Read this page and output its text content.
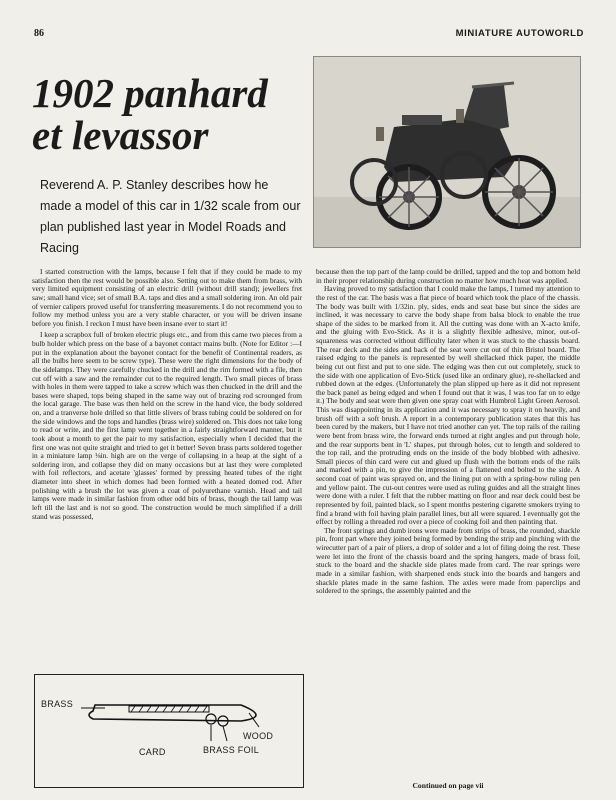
86	MINIATURE AUTOWORLD
1902 panhard et levassor

Reverend A. P. Stanley describes how he made a model of this car in 1/32 scale from our plan published last year in Model Roads and Racing

I started construction with the lamps, because I felt that if they could be made to my satisfaction then the rest would be possible also. Setting out to make them from brass, with very limited equipment consisting of an electric drill (without drill stand); jewellers fret saw; small hand vice; set of small B.A. taps and dies and a small soldering iron. An old pair of vernier calipers proved useful for transferring measurements. I do not recommend you to follow my method unless you are a very stable character, or you will be driven insane before you finish. I reckon I must have been insane ever to start it!

I keep a scrapbox full of broken electric plugs etc., and from this came two pieces from a bulb holder which press on the base of a bayonet contact mains bulb. (Note for Editor :—I put in the explanation about the bayonet contact for the benefit of Continental readers, as all the bulbs here seem to be screw type). These were the right dimensions for the body of the sidelamps. They were carefully chucked in the drill and the rim formed with a file, then cut off with a saw and the remainder cut to the required length. Two small pieces of brass with holes in them were tapped to take a screw which was then chucked in the drill and the bases were shaped, tops being shaped in the same way out of brazing rod scrounged from the local garage. The base was then held on the screw in the hand vice, the body soldered on, and a tranverse hole drilled so that little slivers of brass tubing could be soldered on for the side windows and the tops and handles (brass wire) soldered on. This does not take long to read or write, and the first lamp went together in a fairly straightforward manner, but it took about a month to get the pair to my satisfaction, especially when I decided that the first one was not quite straight and tried to get it better! Seven brass parts soldered together in a miniature lamp ⅛in. high are on the verge of collapsing in a heap at the sight of a soldering iron, and collapse they did on many occasions but at last they were completed with foil reflectors, and acetate 'glasses' formed by pressing heated tubes of the right diameter into sheet in which domes had been formed with a heated domed rod. After polishing with a brush the lot was given a coat of polyurethane varnish. Head and tail lamps were made in similar fashion from other odd bits of brass, though the tail lamp was left till the last and is not so good. The construction would be much simplified if a drill stand was possessed,

because then the top part of the lamp could be drilled, tapped and the top and bottom held in their proper relationship during construction no matter how much heat was applied.

Having proved to my satisfaction that I could make the lamps, I turned my attention to the rest of the car. The basis was a flat piece of board which took the place of the chassis. The body was built with 1/32in. ply, sides, ends and seat base but since the sides are inclined, it was necessary to carve the body shape from balsa block to enable the true shape of the sides to be marked from it. All the cutting was done with an X-acto knife, and the gluing with Evo-Stick. As it is a slightly flexible adhesive, minor, out-of-squareness was corrected without difficulty later when it was stuck to the chassis board. The rear deck and the sides and back of the seat were cut out of thin Bristol board. The raised edging to the panels is represented by well shellacked thick paper, the middle being cut out first and put to one side. The edging was then cut out completely, stuck to the side with one application of Evo-Stick (used like an ordinary glue), re-shellacked and rubbed down at the edges. (Unfortunately the plan slipped up here as it did not represent the back panel as being edged and when I found out that it was, I was too far on to edge it.) The body and seat were then given one spray coat with Humbrol Light Green Aerosol. This was disappointing in its application and it was necessary to spray it on heavily, and brush off with a soft brush. A report in a contemporary publication states that this has been cured by the makers, but I have not tried another can yet. The top rails of the railing were bent from brass wire, the forward ends turned at right angles and put through hole, and the rear supports bent in 'L' shapes, put through holes, cut to length and soldered to the top rail, and the protruding ends on the inside of the body blobbed with adhesive. Small pieces of thin card were cut and glued up flush with the bottom ends of the rails and marked with a pin, to give the impression of a flattened end bolted to the side. A second coat of paint was sprayed on, and the lining put on with a spring-bow ruling pen and yellow paint. The cut-out centres were used as ruling guides and all the straight lines were done with a ruler. I felt that the rubber matting on floor and rear deck could best be represented by foil, painted black, so I spent months pestering cigarette smokers trying to find a brand with foil having plain parallel lines, but all were squared. I eventually got the effect by rolling a threaded rod over a piece of cooking foil and then painting that.

The front springs and dumb irons were made from strips of brass, the rounded, shackle pin, front part where they joined being formed by bending the strip and pinching with the wirecutter part of a pair of pliers, a drop of solder and a lot of filing doing the rest. These were let into the front of the chassis board and the spring hangers, made of brass foil, stuck to the board and the shackle side plates made from card. The rear springs were made in a similar fashion, with sharpened ends stuck into the boards and hangers and shackle plates made in the same fashion. The axles were made from paperclips and soldered to the springs, the assembly painted and the

Continued on page vii
BRASS
WOOD
CARD	BRASS FOIL
